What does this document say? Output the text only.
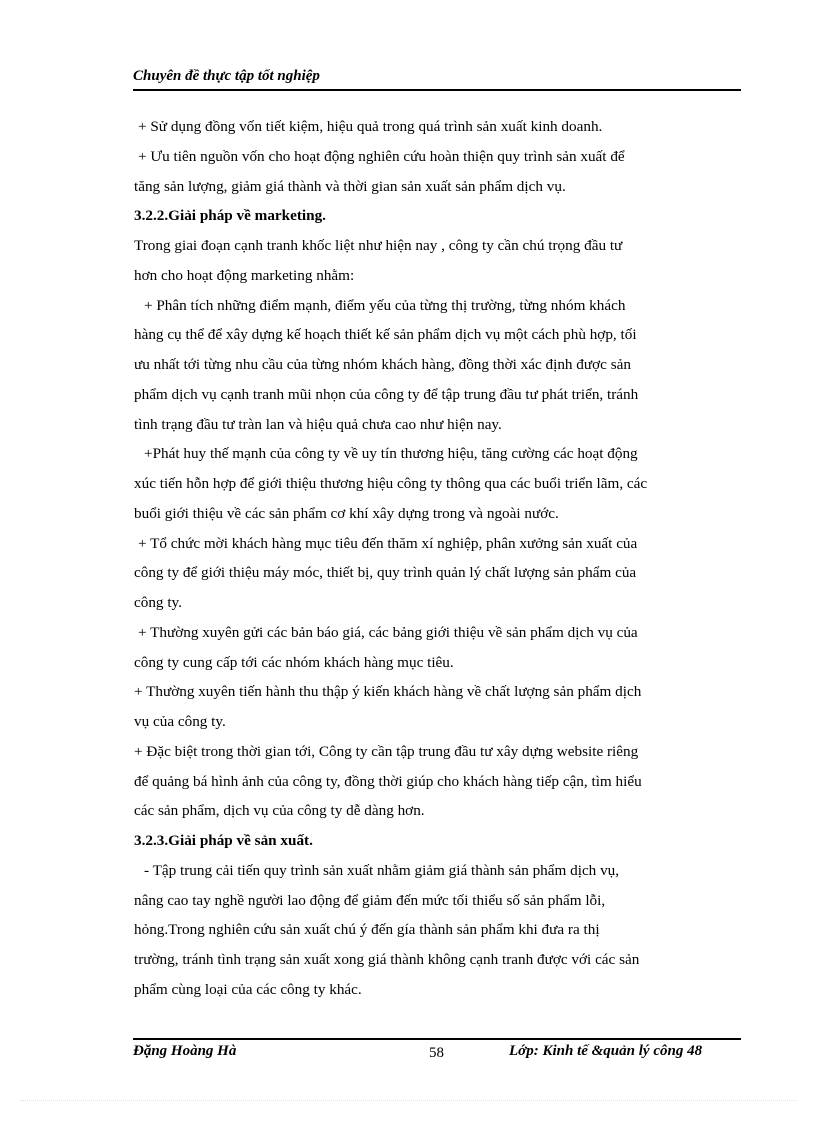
Chuyên đề thực tập tốt nghiệp
+ Sử dụng đồng vốn tiết kiệm, hiệu quả trong quá trình sản xuất kinh doanh.
+ Ưu tiên nguồn vốn cho hoạt động nghiên cứu hoàn thiện quy trình sản xuất để
tăng sản lượng, giảm giá thành và thời gian sản xuất sản phẩm dịch vụ.
3.2.2.Giải pháp về marketing.
Trong giai đoạn cạnh tranh khốc liệt như hiện nay , công ty cần chú trọng đầu tư
hơn cho hoạt động marketing nhằm:
+ Phân tích những điểm mạnh, điểm yếu của từng thị trường, từng nhóm khách
hàng cụ thể để xây dựng kế hoạch thiết kế sản phẩm dịch vụ một cách phù hợp, tối
ưu nhất tới từng nhu cầu của từng nhóm khách hàng, đồng thời xác định được sản
phẩm dịch vụ cạnh tranh mũi nhọn của công ty để tập trung đầu tư phát triển, tránh
tình trạng đầu tư tràn lan và hiệu quả chưa cao như hiện nay.
+Phát huy thế mạnh của công ty về uy tín thương hiệu, tăng cường các hoạt động
xúc tiến hỗn hợp để giới thiệu thương hiệu công ty thông qua các buổi triển lãm, các
buổi giới thiệu về các sản phẩm cơ khí xây dựng trong và ngoài nước.
+ Tổ chức mời khách hàng mục tiêu đến thăm xí nghiệp, phân xưởng sản xuất của
công ty để giới thiệu máy móc, thiết bị, quy trình quản lý chất lượng sản phẩm của
công ty.
+ Thường xuyên gửi các bản báo giá, các bảng giới thiệu về sản phẩm dịch vụ của
công ty cung cấp tới các nhóm khách hàng mục tiêu.
+ Thường xuyên tiến hành thu thập ý kiến khách hàng về chất lượng sản phẩm dịch
vụ của công ty.
+ Đặc biệt trong thời gian tới, Công ty cần tập trung đầu tư xây dựng website riêng
để quảng bá hình ảnh của công ty, đồng thời giúp cho khách hàng tiếp cận, tìm hiểu
các sản phẩm, dịch vụ của công ty dễ dàng hơn.
3.2.3.Giải pháp về sản xuất.
- Tập trung cải tiến quy trình sản xuất nhằm giảm giá thành sản phẩm dịch vụ,
nâng cao tay nghề người lao động để giảm đến mức tối thiểu số sản phẩm lỗi,
hỏng.Trong nghiên cứu sản xuất chú ý đến gía thành sản phẩm khi đưa ra thị
trường, tránh tình trạng sản xuất xong giá thành không cạnh tranh được với các sản
phẩm cùng loại của các công ty khác.
Đặng Hoàng Hà	58	Lớp: Kinh tế &quản lý công 48
